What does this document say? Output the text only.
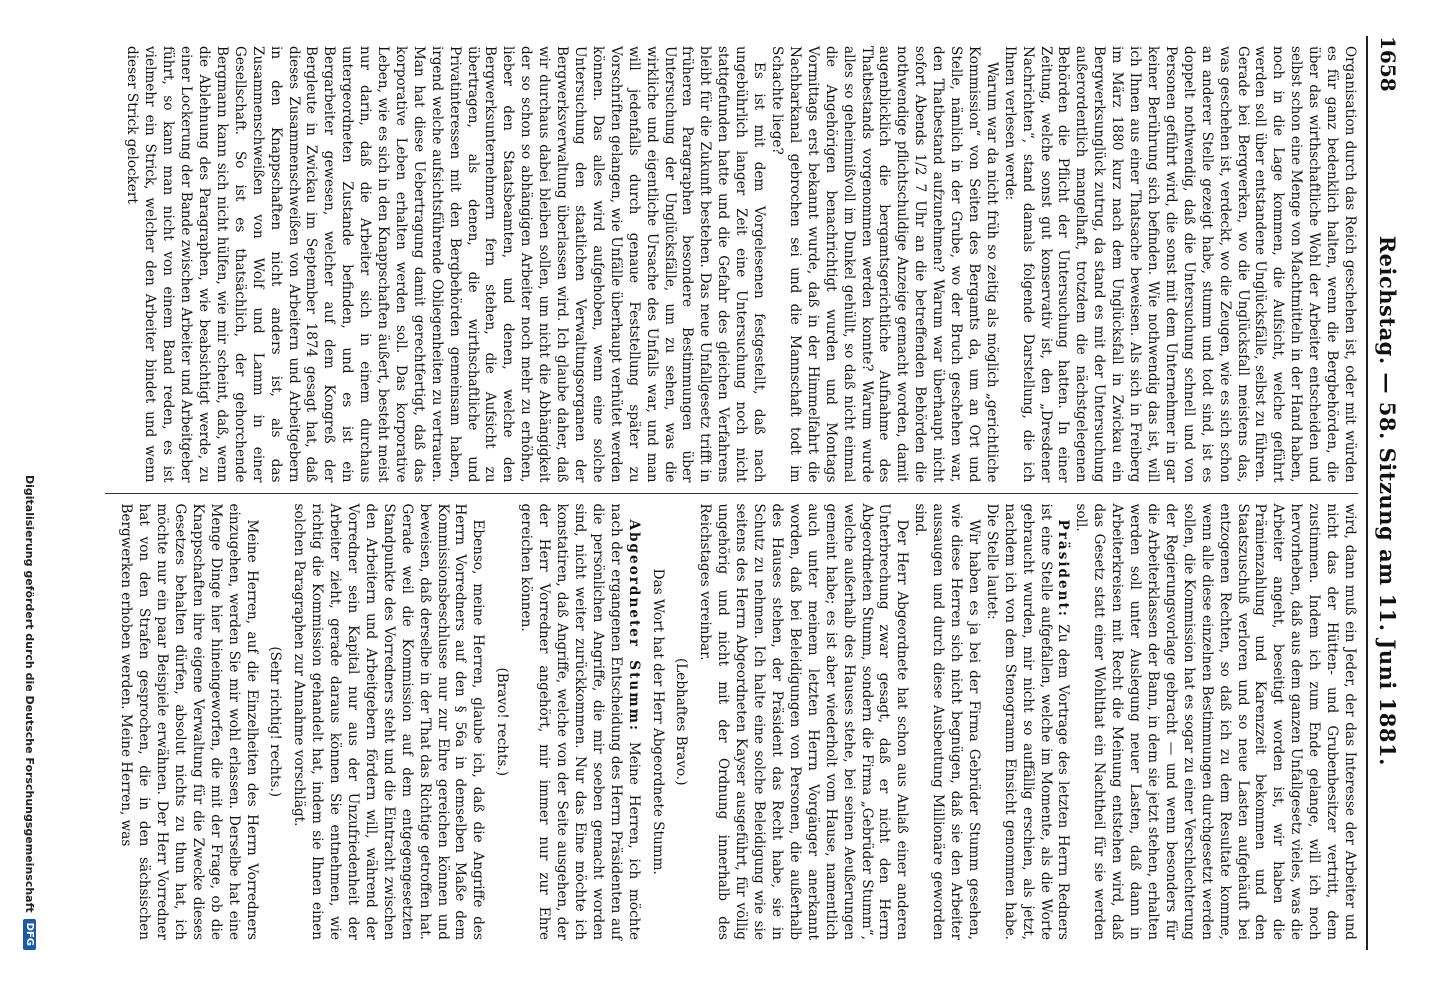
1658
Reichstag. — 58. Sitzung am 11. Juni 1881.

Organisation durch das Reich geschehen ist, oder mit würden es für ganz bedenklich halten, wenn die Bergbehörden, die über das wirthschaftliche Wohl der Arbeiter entscheiden und selbst schon eine Menge von Machtmitteln in der Hand haben, noch in die Lage kommen, die Aufsicht, welche geführt werden soll über entstandene Unglücksfälle, selbst zu führen. Gerade bei Bergwerken, wo die Unglücksfall meistens das, was geschehen ist, verdeckt, wo die Zeugen, wie es sich schon an anderer Stelle gezeigt habe, stumm und todt sind, ist es doppelt nothwendig, daß die Untersuchung schnell und von Personen geführt wird, die sonst mit dem Unternehmer in gar keiner Berührung sich befinden. Wie nothwendig das ist, will ich Ihnen aus einer Thatsache beweisen. Als sich in Freiberg im März 1880 kurz nach dem Unglücksfall in Zwickau ein Bergwerksunglück zutrug, da stand es mit der Untersuchung außerordentlich mangelhaft, trotzdem die nächstgelegenen Behörden die Pflicht der Untersuchung hatten. In einer Zeitung, welche sonst gut konservativ ist, den „Dresdener Nachrichten“, stand damals folgende Darstellung, die ich Ihnen verlesen werde:

Warum war da nicht früh so zeitig als möglich „gerichtliche Kommission“ von Seiten des Bergamts da, um an Ort und Stelle, nämlich in der Grube, wo der Bruch geschehen war, den Thatbestand aufzunehmen? Warum war überhaupt nicht sofort Abends 1/2 7 Uhr an die betreffenden Behörden die nothwendige pflichtschuldige Anzeige gemacht worden, damit augenblicklich die bergamtsgerichtliche Aufnahme des Thatbestands vorgenommen werden konnte? Warum wurde alles so geheimnißvoll im Dunkel gehüllt, so daß nicht einmal die Angehörigen benachrichtigt wurden und Montags Vormittags erst bekannt wurde, daß in der Himmelfahrt die Nachbarkanal gebrochen sei und die Mannschaft todt im Schachte liege?

Es ist mit dem Vorgelesenen festgestellt, daß nach ungebührlich langer Zeit eine Untersuchung noch nicht stattgefunden hatte und die Gefahr des gleichen Verfahrens bleibt für die Zukunft bestehen. Das neue Unfallgesetz trifft in früheren Paragraphen besondere Bestimmungen über Untersuchung der Unglücksfälle, um zu sehen, was die wirkliche und eigentliche Ursache des Unfalls war, und man will jedenfalls durch genaue Feststellung später zu Vorschriften gelangen, wie Unfälle überhaupt verhütet werden können. Das alles wird aufgehoben, wenn eine solche Untersuchung den staatlichen Verwaltungsorganen der Bergwerksverwaltung überlassen wird. Ich glaube daher, daß wir durchaus dabei bleiben sollen, um nicht die Abhängigkeit der so schon so abhängigen Arbeiter noch mehr zu erhöhen, lieber den Staatsbeamten, und denen, welche den Bergwerksunternehmern fern stehen, die Aufsicht zu übertragen, als denen, die wirthschaftliche und Privatinteressen mit den Bergbehörden gemeinsam haben, irgend welche aufsichtsführende Obliegenheiten zu vertrauen. Man hat diese Uebertragung damit gerechtfertigt, daß das korporative Leben erhalten werden soll. Das korporative Leben, wie es sich in den Knappschaften äußert, besteht meist nur darin, daß die Arbeiter sich in einem durchaus untergeordneten Zustande befinden, und es ist ein Bergarbeiter gewesen, welcher auf dem Kongreß der Bergleute in Zwickau im September 1874 gesagt hat, daß dieses Zusammenschweißen von Arbeitern und Arbeitgebern in den Knappschaften nicht anders ist, als das Zusammenschweißen von Wolf und Lamm in einer Gesellschaft. So ist es thatsächlich, der gehorchende Bergmann kann sich nicht hülfen, wie mir scheint, daß, wenn die Ablehnung des Paragraphen, wie beabsichtigt werde, zu einer Lockerung der Bande zwischen Arbeiter und Arbeitgeber führt, so kann man nicht von einem Band reden, es ist vielmehr ein Strick, welcher den Arbeiter bindet und wenn dieser Strick gelockert

wird, dann muß ein Jeder, der das Interesse der Arbeiter und nicht das der Hütten- und Grubenbesitzer vertritt, dem zustimmen. Indem ich zum Ende gelange, will ich noch hervorheben, daß aus dem ganzen Unfallgesetz vieles, was die Arbeiter angeht, beseitigt worden ist, wir haben die Prämienzahlung und Karenzzeit bekommen und den Staatszuschuß verloren und so neue Lasten aufgehäuft bei entzogenen Rechten, so daß ich zu dem Resultate komme, wenn alle diese einzelnen Bestimmungen durchgesetzt werden sollen, die Kommission hat es sogar zu einer Verschlechterung der Regierungsvorlage gebracht — und wenn besonders für die Arbeiterklassen der Bann, in dem sie jetzt stehen, erhalten werden soll unter Auslegung neuer Lasten, daß dann in Arbeiterkreisen mit Recht die Meinung entstehen wird, daß das Gesetz statt einer Wohlthat ein Nachtheil für sie werden soll.

Präsident: Zu dem Vortrage des letzten Herrn Redners ist eine Stelle aufgefallen, welche im Momente, als die Worte gebraucht wurden, mir nicht so auffällig erschien, als jetzt, nachdem ich von dem Stenogramm Einsicht genommen habe. Die Stelle lautet:

Wir haben es ja bei der Firma Gebrüder Stumm gesehen, wie diese Herren sich nicht begnügen, daß sie den Arbeiter aussaugen und durch diese Ausbeutung Millionäre geworden sind.

Der Herr Abgeordnete hat schon aus Anlaß einer anderen Unterbrechung zwar gesagt, daß er nicht den Herrn Abgeordneten Stumm, sondern die Firma „Gebrüder Stumm“, welche außerhalb des Hauses stehe, bei seinen Aeußerungen gemeint habe; es ist aber wiederholt vom Hause, namentlich auch unter meinem letzten Herrn Vorgänger anerkannt worden, daß bei Beleidigungen von Personen, die außerhalb des Hauses stehen, der Präsident das Recht habe, sie in Schutz zu nehmen. Ich halte eine solche Beleidigung wie sie seitens des Herrn Abgeordneten Kayser ausgeführt, für völlig ungehörig und nicht mit der Ordnung innerhalb des Reichstages vereinbar.

(Lebhaftes Bravo.)
Das Wort hat der Herr Abgeordnete Stumm.

Abgeordneter Stumm: Meine Herren, ich möchte nach der ergangenen Entscheidung des Herrn Präsidenten auf die persönlichen Angriffe, die mir soeben gemacht worden sind, nicht weiter zurückkommen. Nur das Eine möchte ich konstatiren, daß Angriffe, welche von der Seite ausgehen, der der Herr Vorredner angehört, mir immer nur zur Ehre gereichen können.

(Bravo! rechts.)

Ebenso, meine Herren, glaube ich, daß die Angriffe des Herrn Vorredners auf den § 56a in demselben Maße dem Kommissionsbeschlusse nur zur Ehre gereichen können und beweisen, daß derselbe in der That das Richtige getroffen hat. Gerade weil die Kommission auf dem entgegengesetzten Standpunkte des Vorredners steht und die Eintracht zwischen den Arbeitern und Arbeitgebern fördern will, während der Vorredner sein Kapital nur aus der Unzufriedenheit der Arbeiter zieht, gerade daraus können Sie entnehmen, wie richtig die Kommission gehandelt hat, indem sie Ihnen einen solchen Paragraphen zur Annahme vorschlägt.

(Sehr richtig! rechts.)

Meine Herren, auf die Einzelheiten des Herrn Vorredners einzugehen, werden Sie mir wohl erlassen. Derselbe hat eine Menge Dinge hier hineingeworfen, die mit der Frage, ob die Knappschaften ihre eigene Verwaltung für die Zwecke dieses Gesetzes behalten dürfen, absolut nichts zu thun hat, ich möchte nur ein paar Beispiele erwähnen. Der Herr Vorredner hat von den Strafen gesprochen, die in den sächsischen Bergwerken erhoben werden. Meine Herren, was

Digitalisierung gefördert durch die Deutsche Forschungsgemeinschaft
DFG
